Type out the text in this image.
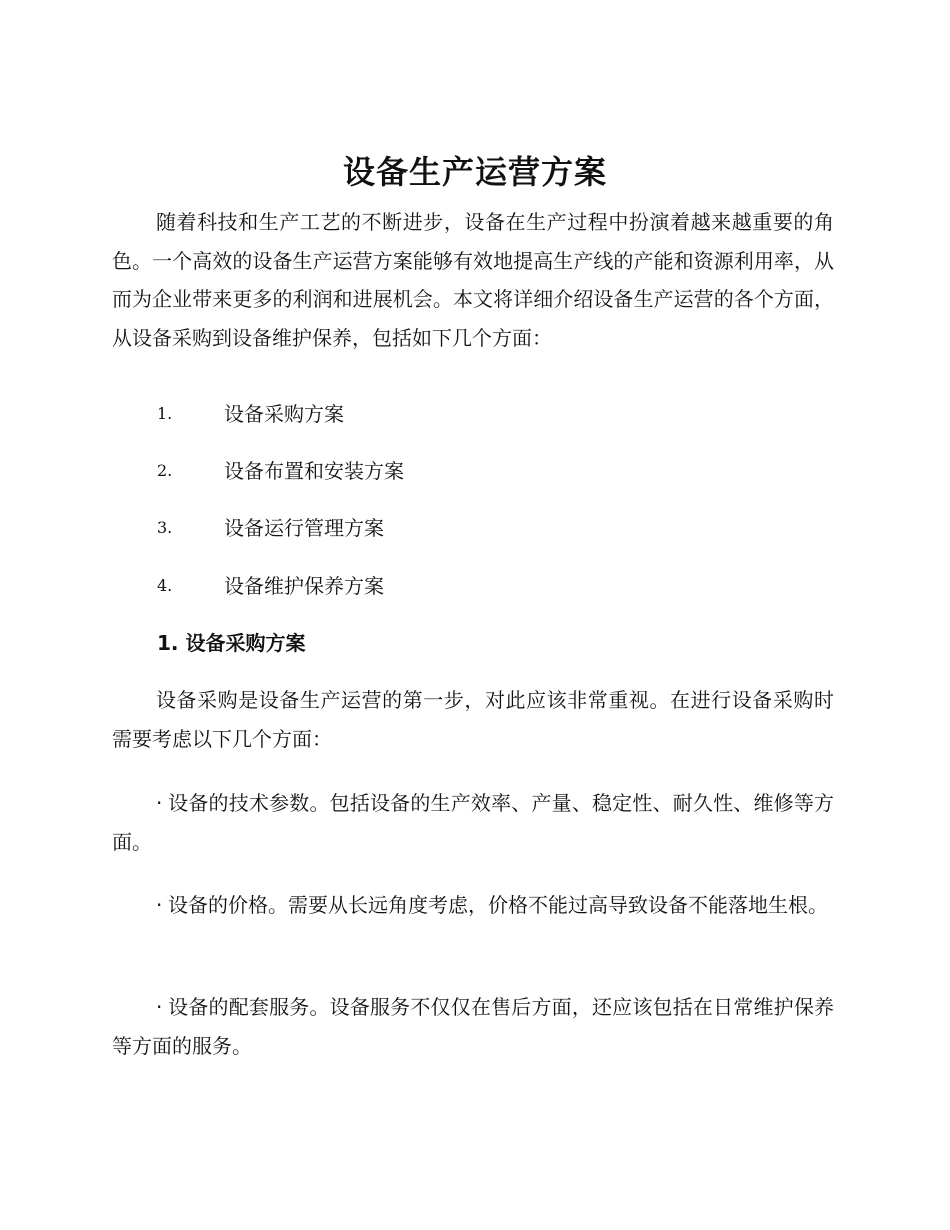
设备生产运营方案

随着科技和生产工艺的不断进步，设备在生产过程中扮演着越来越重要的角色。一个高效的设备生产运营方案能够有效地提高生产线的产能和资源利用率，从而为企业带来更多的利润和进展机会。本文将详细介绍设备生产运营的各个方面，从设备采购到设备维护保养，包括如下几个方面：

1.	设备采购方案
2.	设备布置和安装方案
3.	设备运行管理方案
4.	设备维护保养方案
1. 设备采购方案

设备采购是设备生产运营的第一步，对此应该非常重视。在进行设备采购时需要考虑以下几个方面：

· 设备的技术参数。包括设备的生产效率、产量、稳定性、耐久性、维修等方面。

· 设备的价格。需要从长远角度考虑，价格不能过高导致设备不能落地生根。

· 设备的配套服务。设备服务不仅仅在售后方面，还应该包括在日常维护保养等方面的服务。
